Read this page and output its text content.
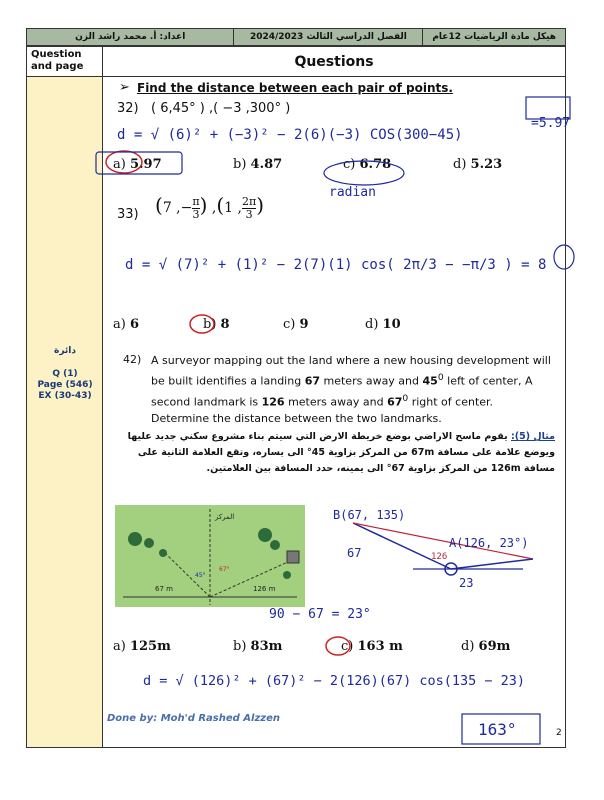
هيكل مادة الرياضيات 12عام
الفصل الدراسي الثالث 2024/2023
اعداد: أ. محمد راشد الزن
Question and page	Questions
دائرة
Q (1)
Page (546)
EX (30-43)
➢ Find the distance between each pair of points.
32) ( 6,45° ) ,( −3 ,300° )
=5.97
d = √ (6)² + (−3)² − 2(6)(−3) COS(300−45)
a) 5.97	b) 4.87	c) 6.78	d) 5.23
33) (7 ,− $\frac{\pi}{3}$ ) ,(1 , $\frac{2\pi}{3}$ )
radian
d = √ (7)² + (1)² − 2(7)(1) cos( 2π/3 − −π/3 ) = 8
a) 6	b) 8	c) 9	d) 10
42) A surveyor mapping out the land where a new housing development will be built identifies a landing 67 meters away and $45^0$ left of center, A second landmark is 126 meters away and $67^0$ right of center. Determine the distance between the two landmarks.
مثال (5): يقوم ماسح الاراضي بوضع خريطة الارض التي سيتم بناء مشروع سكني جديد عليها ويوضع علامة على مسافة 67m من المركز بزاوية 45° الى يساره، وتقع العلامة الثانية على مسافة 126m من المركز بزاوية 67° الى يمينه، حدد المسافة بين العلامتين.
المركز
67 m	126 m
45°
67°
B(67, 135)
A(126, 23°)
67	126
23
90 − 67 = 23°
a) 125m	b) 83m	c) 163 m	d) 69m
d = √ (126)² + (67)² − 2(126)(67) cos(135 − 23)
Done by: Moh'd Rashed Alzzen
163°	2
